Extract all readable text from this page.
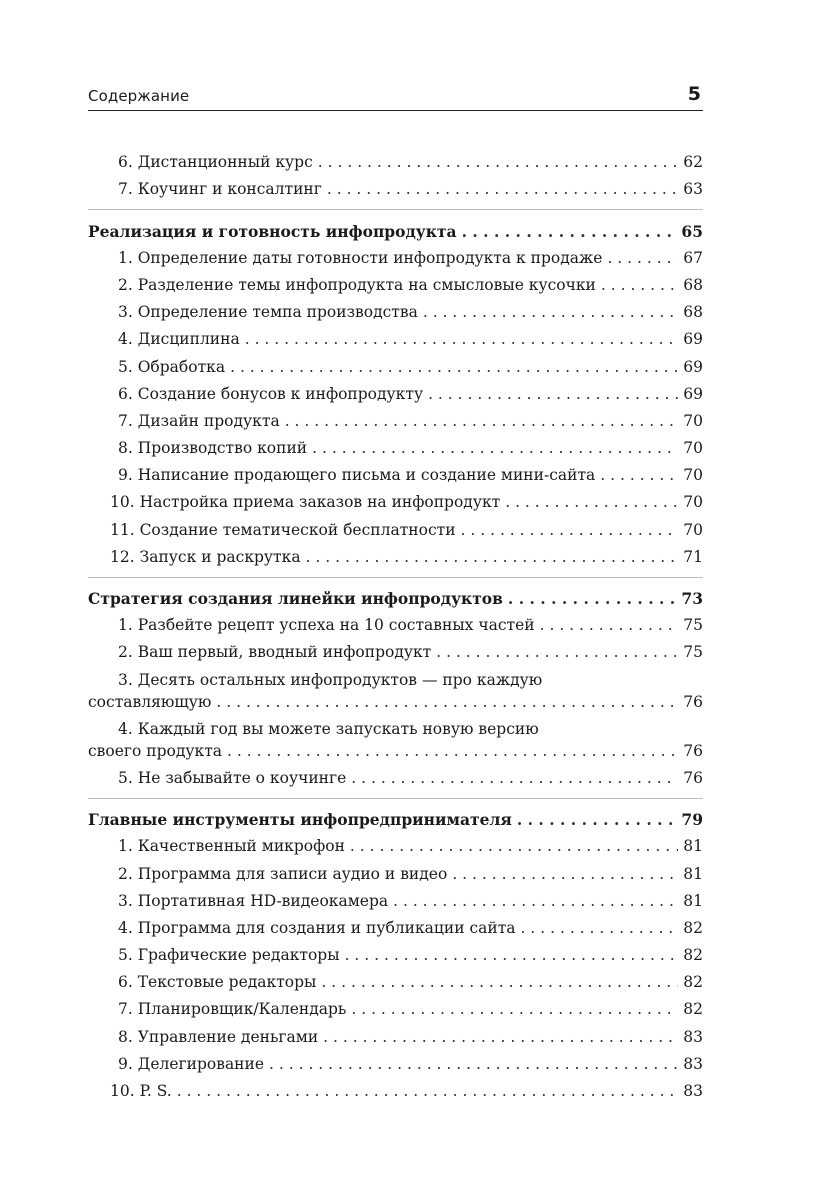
Содержание	5
6. Дистанционный курс . . .	62
7. Коучинг и консалтинг . . .	63
Реализация и готовность инфопродукта . . .	65
1. Определение даты готовности инфопродукта к продаже . . .	67
2. Разделение темы инфопродукта на смысловые кусочки . . .	68
3. Определение темпа производства . . .	68
4. Дисциплина . . .	69
5. Обработка . . .	69
6. Создание бонусов к инфопродукту . . .	69
7. Дизайн продукта . . .	70
8. Производство копий . . .	70
9. Написание продающего письма и создание мини-сайта . . .	70
10. Настройка приема заказов на инфопродукт . . .	70
11. Создание тематической бесплатности . . .	70
12. Запуск и раскрутка . . .	71
Стратегия создания линейки инфопродуктов . . .	73
1. Разбейте рецепт успеха на 10 составных частей . . .	75
2. Ваш первый, вводный инфопродукт . . .	75
3. Десять остальных инфопродуктов — про каждую
составляющую . . .	76
4. Каждый год вы можете запускать новую версию
своего продукта . . .	76
5. Не забывайте о коучинге . . .	76
Главные инструменты инфопредпринимателя . . .	79
1. Качественный микрофон . . .	81
2. Программа для записи аудио и видео . . .	81
3. Портативная HD-видеокамера . . .	81
4. Программа для создания и публикации сайта . . .	82
5. Графические редакторы . . .	82
6. Текстовые редакторы . . .	82
7. Планировщик/Календарь . . .	82
8. Управление деньгами . . .	83
9. Делегирование . . .	83
10. P. S. . . .	83
